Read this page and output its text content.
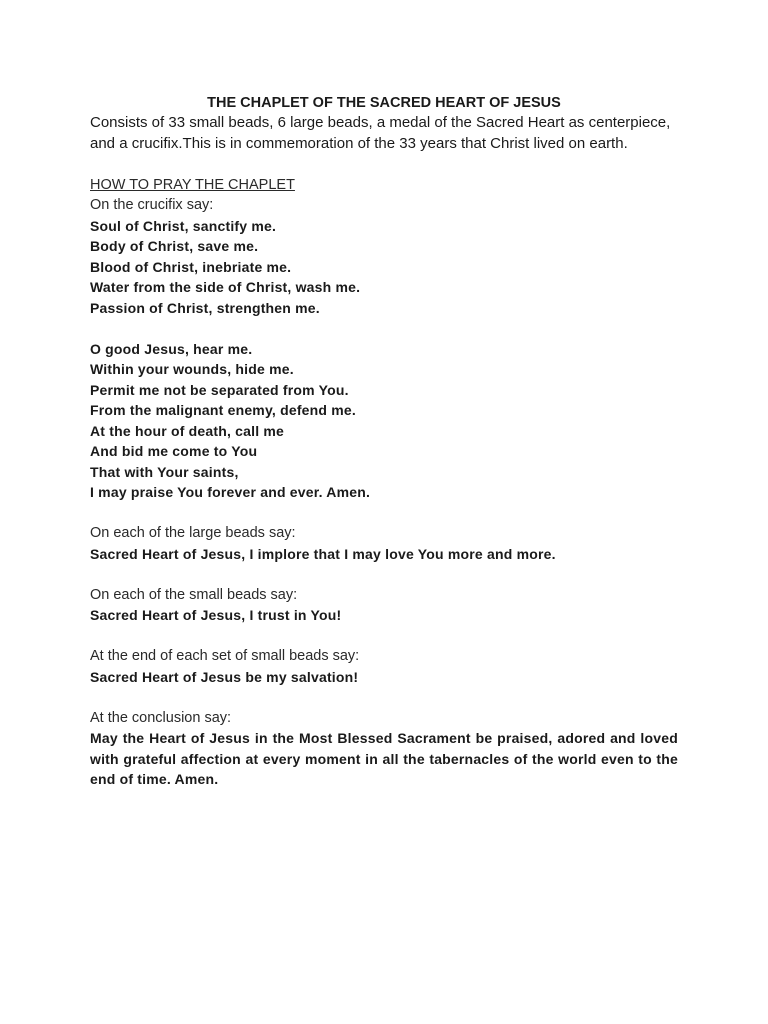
THE CHAPLET OF THE SACRED HEART OF JESUS

Consists of 33 small beads, 6 large beads, a medal of the Sacred Heart as centerpiece,

and a crucifix.This is in commemoration of the 33 years that Christ lived on earth.

HOW TO PRAY THE CHAPLET

On the crucifix say:

Soul of Christ, sanctify me.

Body of Christ, save me.

Blood of Christ, inebriate me.

Water from the side of Christ, wash me.

Passion of Christ, strengthen me.

O good Jesus, hear me.

Within your wounds, hide me.

Permit me not be separated from You.

From the malignant enemy, defend me.

At the hour of death, call me

And bid me come to You

That with Your saints,

I may praise You forever and ever. Amen.

On each of the large beads say:

Sacred Heart of Jesus, I implore that I may love You more and more.

On each of the small beads say:

Sacred Heart of Jesus, I trust in You!

At the end of each set of small beads say:

Sacred Heart of Jesus be my salvation!

At the conclusion say:

May the Heart of Jesus in the Most Blessed Sacrament be praised, adored and loved with grateful affection at every moment in all the tabernacles of the world even to the end of time. Amen.
